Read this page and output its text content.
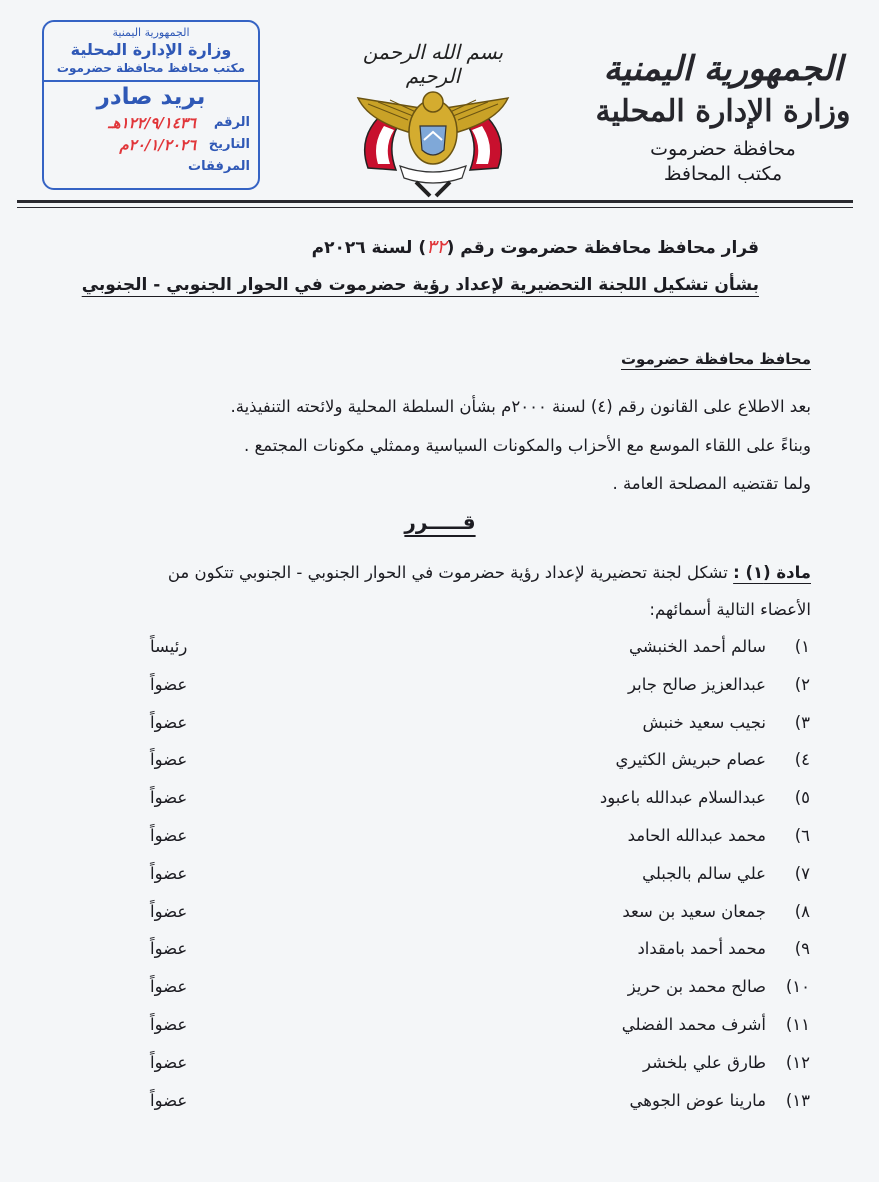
الجمهورية اليمنية
وزارة الإدارة المحلية
محافظة حضرموت
مكتب المحافظ
بسم الله الرحمن الرحيم
الجمهورية اليمنية
وزارة الإدارة المحلية
مكتب محافظ محافظة حضرموت
بريد صادر
الرقم
١٢٢/٩/١٤٣٦هـ
التاريخ
٢٠/١/٢٠٢٦م
المرفقات
قرار محافظ محافظة حضرموت رقم (٣٢) لسنة ٢٠٢٦م
بشأن تشكيل اللجنة التحضيرية لإعداد رؤية حضرموت في الحوار الجنوبي - الجنوبي
محافظ محافظة حضرموت
بعد الاطلاع على القانون رقم (٤) لسنة ٢٠٠٠م بشأن السلطة المحلية ولائحته التنفيذية.
وبناءً على اللقاء الموسع مع الأحزاب والمكونات السياسية وممثلي مكونات المجتمع .
ولما تقتضيه المصلحة العامة .
قـــــرر
مادة (١) : تشكل لجنة تحضيرية لإعداد رؤية حضرموت في الحوار الجنوبي - الجنوبي تتكون من
الأعضاء التالية أسمائهم:
١)
سالم أحمد الخنبشي
رئيساً
٢)
عبدالعزيز صالح جابر
عضواً
٣)
نجيب سعيد خنبش
عضواً
٤)
عصام حبريش الكثيري
عضواً
٥)
عبدالسلام عبدالله باعبود
عضواً
٦)
محمد عبدالله الحامد
عضواً
٧)
علي سالم بالجبلي
عضواً
٨)
جمعان سعيد بن سعد
عضواً
٩)
محمد أحمد بامقداد
عضواً
١٠)
صالح محمد بن حريز
عضواً
١١)
أشرف محمد الفضلي
عضواً
١٢)
طارق علي بلخشر
عضواً
١٣)
مارينا عوض الجوهي
عضواً
